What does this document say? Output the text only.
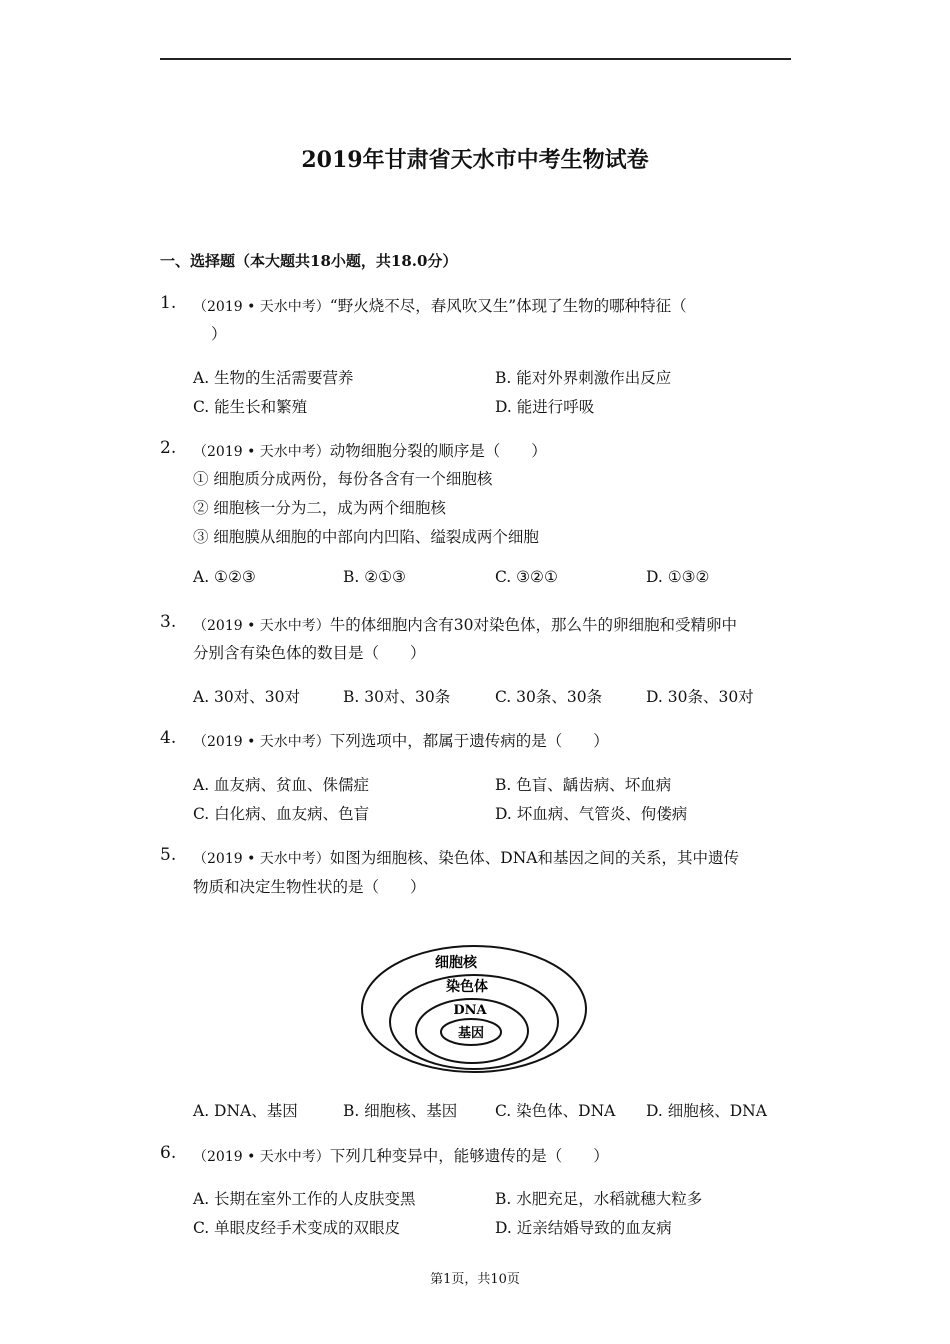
2019年甘肃省天水市中考生物试卷
一、选择题（本大题共18小题，共18.0分）
1. （2019 • 天水中考）“野火烧不尽，春风吹又生”体现了生物的哪种特征（
）
A. 生物的生活需要营养	B. 能对外界刺激作出反应
C. 能生长和繁殖	D. 能进行呼吸
2. （2019 • 天水中考）动物细胞分裂的顺序是（　　）
① 细胞质分成两份，每份各含有一个细胞核
② 细胞核一分为二，成为两个细胞核
③ 细胞膜从细胞的中部向内凹陷、缢裂成两个细胞
A. ①②③	B. ②①③	C. ③②①	D. ①③②
3. （2019 • 天水中考）牛的体细胞内含有30对染色体，那么牛的卵细胞和受精卵中
分别含有染色体的数目是（　　）
A. 30对、30对	B. 30对、30条	C. 30条、30条	D. 30条、30对
4. （2019 • 天水中考）下列选项中，都属于遗传病的是（　　）
A. 血友病、贫血、侏儒症	B. 色盲、龋齿病、坏血病
C. 白化病、血友病、色盲	D. 坏血病、气管炎、佝偻病
5. （2019 • 天水中考）如图为细胞核、染色体、DNA和基因之间的关系，其中遗传
物质和决定生物性状的是（　　）
细胞核
染色体
DNA
基因
A. DNA、基因	B. 细胞核、基因 C. 染色体、DNA D. 细胞核、DNA
6. （2019 • 天水中考）下列几种变异中，能够遗传的是（　　）
A. 长期在室外工作的人皮肤变黑	B. 水肥充足，水稻就穗大粒多
C. 单眼皮经手术变成的双眼皮	D. 近亲结婚导致的血友病
第1页，共10页
